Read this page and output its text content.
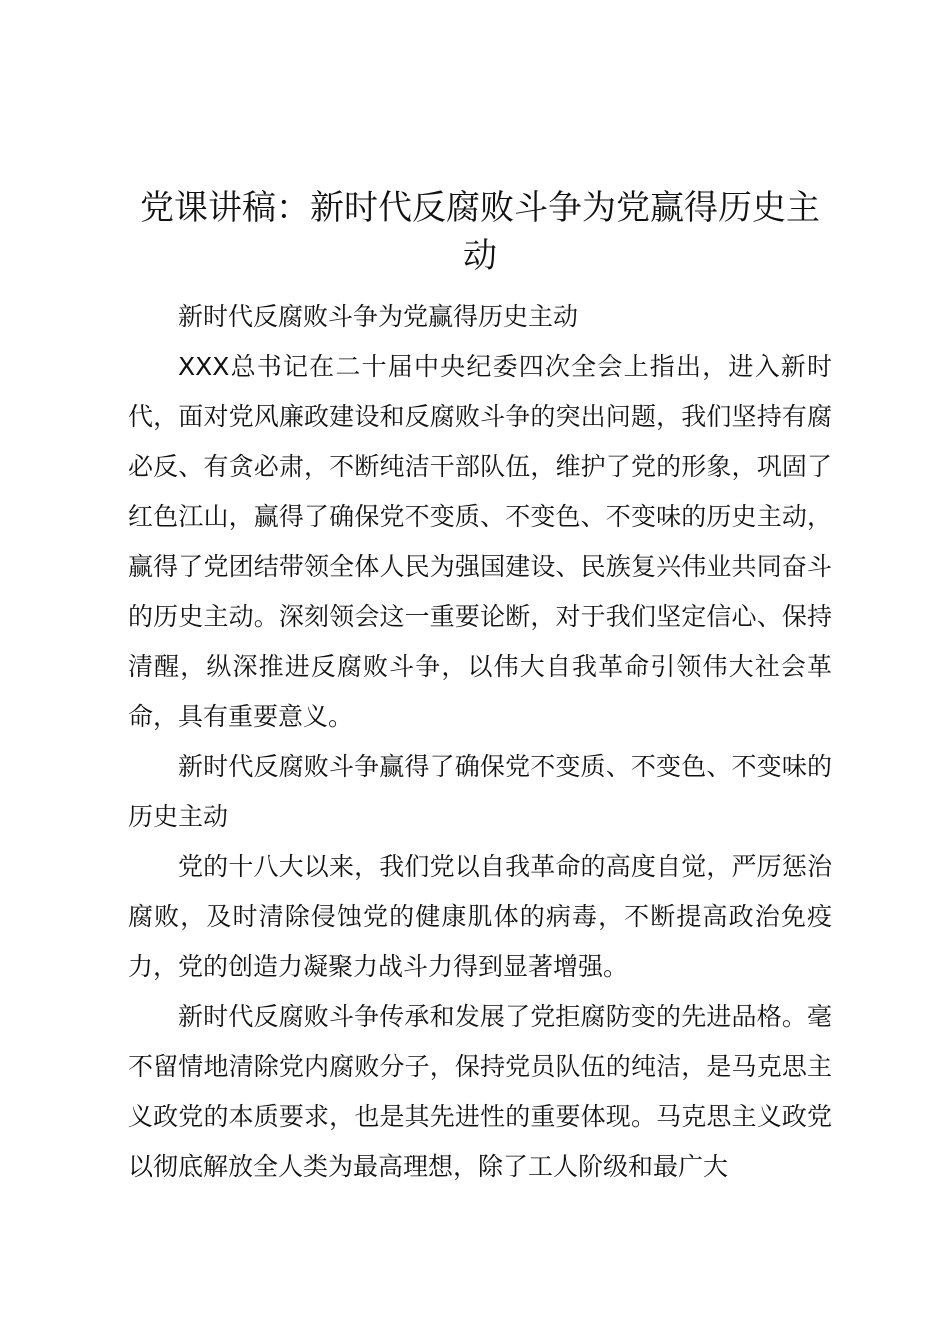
党课讲稿：新时代反腐败斗争为党赢得历史主动

新时代反腐败斗争为党赢得历史主动

XXX总书记在二十届中央纪委四次全会上指出，进入新时代，面对党风廉政建设和反腐败斗争的突出问题，我们坚持有腐必反、有贪必肃，不断纯洁干部队伍，维护了党的形象，巩固了红色江山，赢得了确保党不变质、不变色、不变味的历史主动，赢得了党团结带领全体人民为强国建设、民族复兴伟业共同奋斗的历史主动。深刻领会这一重要论断，对于我们坚定信心、保持清醒，纵深推进反腐败斗争，以伟大自我革命引领伟大社会革命，具有重要意义。

新时代反腐败斗争赢得了确保党不变质、不变色、不变味的历史主动

党的十八大以来，我们党以自我革命的高度自觉，严厉惩治腐败，及时清除侵蚀党的健康肌体的病毒，不断提高政治免疫力，党的创造力凝聚力战斗力得到显著增强。

新时代反腐败斗争传承和发展了党拒腐防变的先进品格。毫不留情地清除党内腐败分子，保持党员队伍的纯洁，是马克思主义政党的本质要求，也是其先进性的重要体现。马克思主义政党以彻底解放全人类为最高理想，除了工人阶级和最广大
